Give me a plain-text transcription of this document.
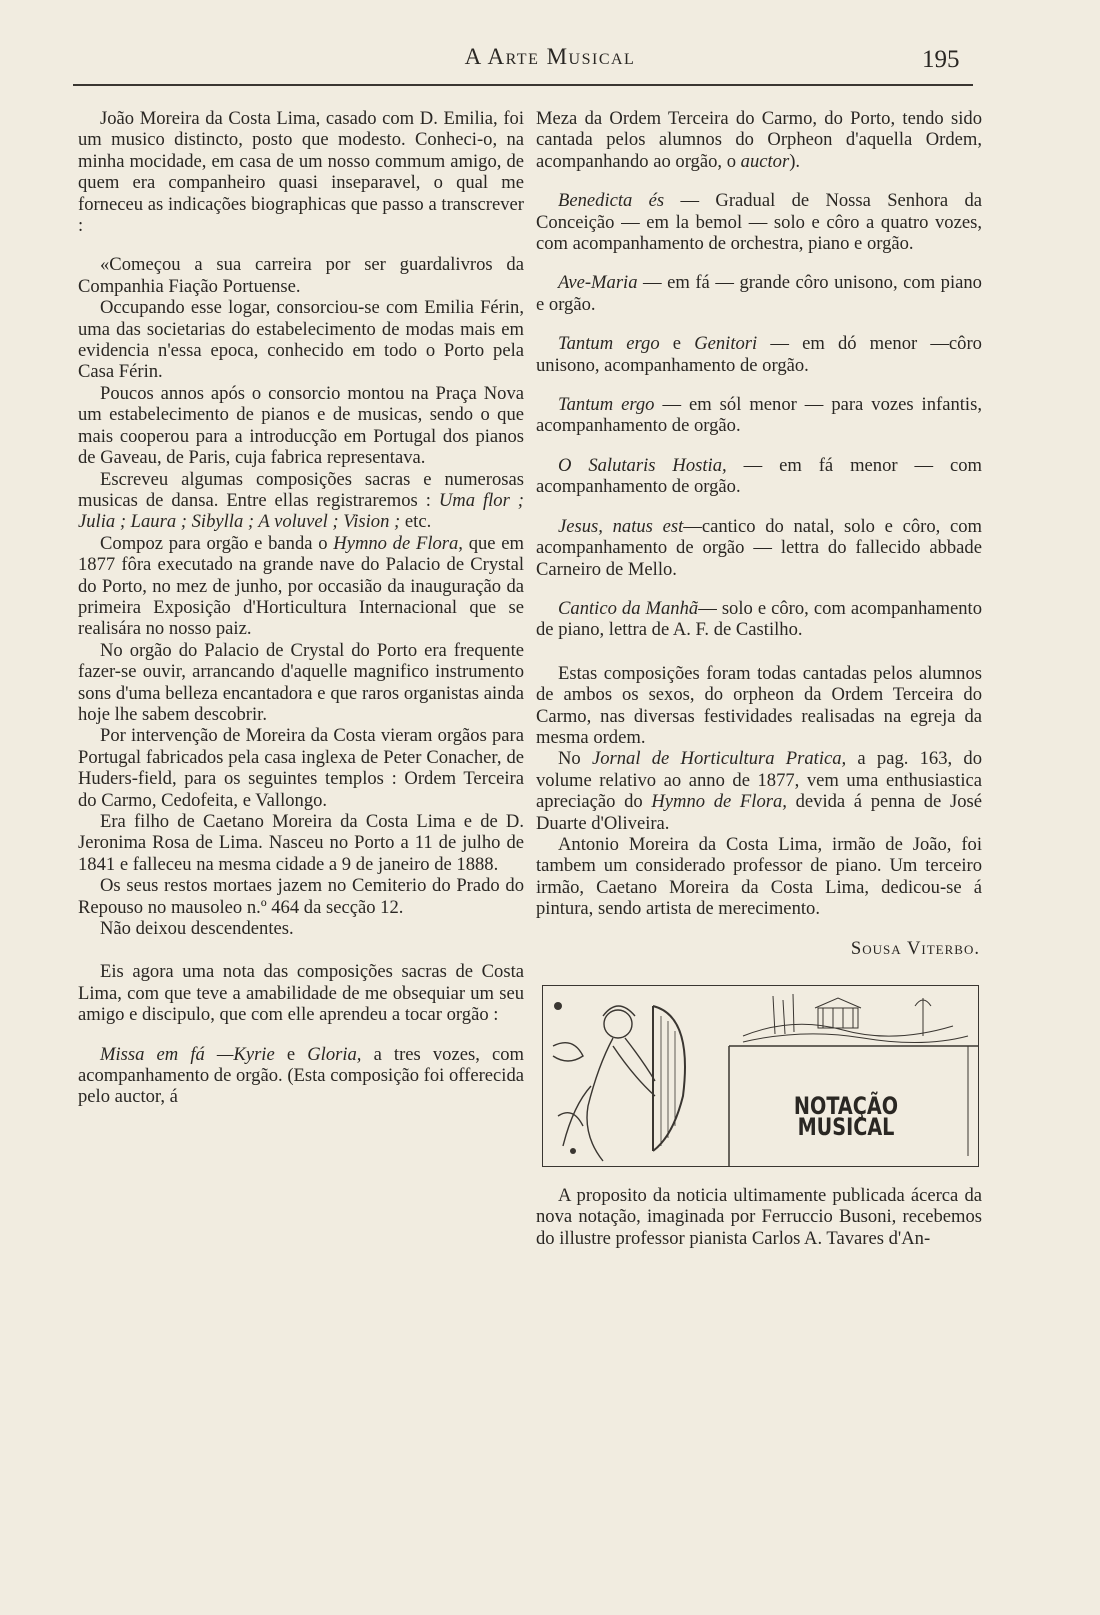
A Arte Musical	195

João Moreira da Costa Lima, casado com D. Emilia, foi um musico distincto, posto que modesto. Conheci-o, na minha mocidade, em casa de um nosso commum amigo, de quem era companheiro quasi inseparavel, o qual me forneceu as indicações biographicas que passo a transcrever :

«Começou a sua carreira por ser guardalivros da Companhia Fiação Portuense.

Occupando esse logar, consorciou-se com Emilia Férin, uma das societarias do estabelecimento de modas mais em evidencia n'essa epoca, conhecido em todo o Porto pela Casa Férin.

Poucos annos após o consorcio montou na Praça Nova um estabelecimento de pianos e de musicas, sendo o que mais cooperou para a introducção em Portugal dos pianos de Gaveau, de Paris, cuja fabrica representava.

Escreveu algumas composições sacras e numerosas musicas de dansa. Entre ellas registraremos : Uma flor ; Julia ; Laura ; Sibylla ; A voluvel ; Vision ; etc.

Compoz para orgão e banda o Hymno de Flora, que em 1877 fôra executado na grande nave do Palacio de Crystal do Porto, no mez de junho, por occasião da inauguração da primeira Exposição d'Horticultura Internacional que se realisára no nosso paiz.

No orgão do Palacio de Crystal do Porto era frequente fazer-se ouvir, arrancando d'aquelle magnifico instrumento sons d'uma belleza encantadora e que raros organistas ainda hoje lhe sabem descobrir.

Por intervenção de Moreira da Costa vieram orgãos para Portugal fabricados pela casa inglexa de Peter Conacher, de Huders-field, para os seguintes templos : Ordem Terceira do Carmo, Cedofeita, e Vallongo.

Era filho de Caetano Moreira da Costa Lima e de D. Jeronima Rosa de Lima. Nasceu no Porto a 11 de julho de 1841 e falleceu na mesma cidade a 9 de janeiro de 1888.

Os seus restos mortaes jazem no Cemiterio do Prado do Repouso no mausoleo n.º 464 da secção 12.

Não deixou descendentes.

Eis agora uma nota das composições sacras de Costa Lima, com que teve a amabilidade de me obsequiar um seu amigo e discipulo, que com elle aprendeu a tocar orgão :

Missa em fá —Kyrie e Gloria, a tres vozes, com acompanhamento de orgão. (Esta composição foi offerecida pelo auctor, á

Meza da Ordem Terceira do Carmo, do Porto, tendo sido cantada pelos alumnos do Orpheon d'aquella Ordem, acompanhando ao orgão, o auctor).

Benedicta és — Gradual de Nossa Senhora da Conceição — em la bemol — solo e côro a quatro vozes, com acompanhamento de orchestra, piano e orgão.

Ave-Maria — em fá — grande côro unisono, com piano e orgão.

Tantum ergo e Genitori — em dó menor —côro unisono, acompanhamento de orgão.

Tantum ergo — em sól menor — para vozes infantis, acompanhamento de orgão.

O Salutaris Hostia, — em fá menor — com acompanhamento de orgão.

Jesus, natus est—cantico do natal, solo e côro, com acompanhamento de orgão — lettra do fallecido abbade Carneiro de Mello.

Cantico da Manhã— solo e côro, com acompanhamento de piano, lettra de A. F. de Castilho.

Estas composições foram todas cantadas pelos alumnos de ambos os sexos, do orpheon da Ordem Terceira do Carmo, nas diversas festividades realisadas na egreja da mesma ordem.

No Jornal de Horticultura Pratica, a pag. 163, do volume relativo ao anno de 1877, vem uma enthusiastica apreciação do Hymno de Flora, devida á penna de José Duarte d'Oliveira.

Antonio Moreira da Costa Lima, irmão de João, foi tambem um considerado professor de piano. Um terceiro irmão, Caetano Moreira da Costa Lima, dedicou-se á pintura, sendo artista de merecimento.

Sousa Viterbo.
NOTAÇÃO MUSICAL

A proposito da noticia ultimamente publicada ácerca da nova notação, imaginada por Ferruccio Busoni, recebemos do illustre professor pianista Carlos A. Tavares d'An-
